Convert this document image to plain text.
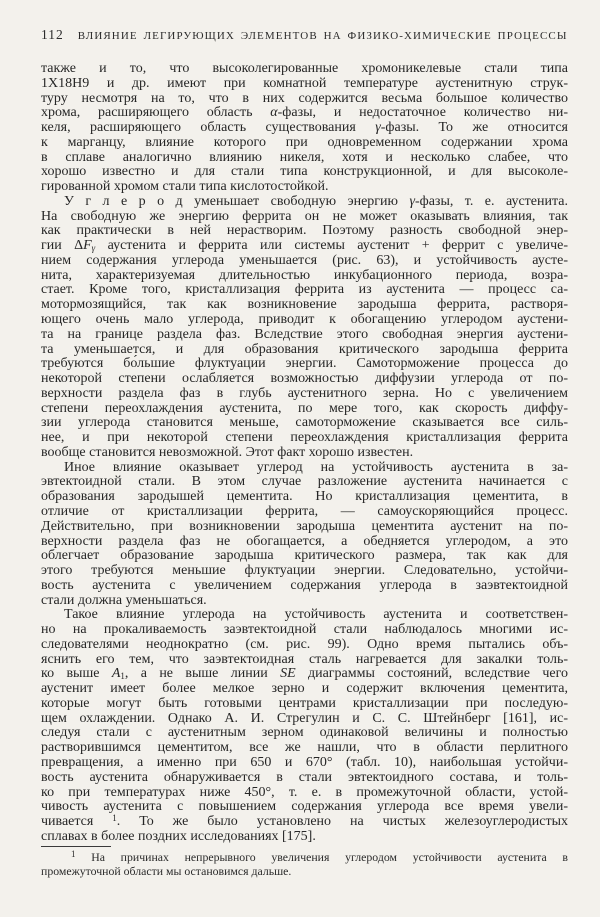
112 ВЛИЯНИЕ ЛЕГИРУЮЩИХ ЭЛЕМЕНТОВ НА ФИЗИКО-ХИМИЧЕСКИЕ ПРОЦЕССЫ
также и то, что высоколегированные хромоникелевые стали типа
1Х18Н9 и др. имеют при комнатной температуре аустенитную струк-
туру несмотря на то, что в них содержится весьма большое количество
хрома, расширяющего область α-фазы, и недостаточное количество ни-
келя, расширяющего область существования γ-фазы. То же относится
к марганцу, влияние которого при одновременном содержании хрома
в сплаве аналогично влиянию никеля, хотя и несколько слабее, что
хорошо известно и для стали типа конструкционной, и для высоколе-
гированной хромом стали типа кислотостойкой.
У г л е р о д уменьшает свободную энергию γ-фазы, т. е. аустенита.
На свободную же энергию феррита он не может оказывать влияния, так
как практически в ней нерастворим. Поэтому разность свободной энер-
гии $\Delta F_\gamma$ аустенита и феррита или системы аустенит + феррит с увеличе-
нием содержания углерода уменьшается (рис. 63), и устойчивость аусте-
нита, характеризуемая длительностью инкубационного периода, возра-
стает. Кроме того, кристаллизация феррита из аустенита — процесс са-
мотормозящийся, так как возникновение зародыша феррита, растворя-
ющего очень мало углерода, приводит к обогащению углеродом аустени-
та на границе раздела фаз. Вследствие этого свободная энергия аустени-
та уменьшается, и для образования критического зародыша феррита
требуются бо́льшие флуктуации энергии. Самоторможение процесса до
некоторой степени ослабляется возможностью диффузии углерода от по-
верхности раздела фаз в глубь аустенитного зерна. Но с увеличением
степени переохлаждения аустенита, по мере того, как скорость диффу-
зии углерода становится меньше, самоторможение сказывается все силь-
нее, и при некоторой степени переохлаждения кристаллизация феррита
вообще становится невозможной. Этот факт хорошо известен.
Иное влияние оказывает углерод на устойчивость аустенита в за-
эвтектоидной стали. В этом случае разложение аустенита начинается с
образования зародышей цементита. Но кристаллизация цементита, в
отличие от кристаллизации феррита, — самоускоряющийся процесс.
Действительно, при возникновении зародыша цементита аустенит на по-
верхности раздела фаз не обогащается, а обедняется углеродом, а это
облегчает образование зародыша критического размера, так как для
этого требуются меньшие флуктуации энергии. Следовательно, устойчи-
вость аустенита с увеличением содержания углерода в заэвтектоидной
стали должна уменьшаться.
Такое влияние углерода на устойчивость аустенита и соответствен-
но на прокаливаемость заэвтектоидной стали наблюдалось многими ис-
следователями неоднократно (см. рис. 99). Одно время пытались объ-
яснить его тем, что заэвтектоидная сталь нагревается для закалки толь-
ко выше $A_1$, а не выше линии SE диаграммы состояний, вследствие чего
аустенит имеет более мелкое зерно и содержит включения цементита,
которые могут быть готовыми центрами кристаллизации при последую-
щем охлаждении. Однако А. И. Стрегулин и С. С. Штейнберг [161], ис-
следуя стали с аустенитным зерном одинаковой величины и полностью
растворившимся цементитом, все же нашли, что в области перлитного
превращения, а именно при 650 и 670° (табл. 10), наибольшая устойчи-
вость аустенита обнаруживается в стали эвтектоидного состава, и толь-
ко при температурах ниже 450°, т. е. в промежуточной области, устой-
чивость аустенита с повышением содержания углерода все время увели-
чивается $^1$. То же было установлено на чистых железоуглеродистых
сплавах в более поздних исследованиях [175].
$^1$ На причинах непрерывного увеличения углеродом устойчивости аустенита в
промежуточной области мы остановимся дальше.
